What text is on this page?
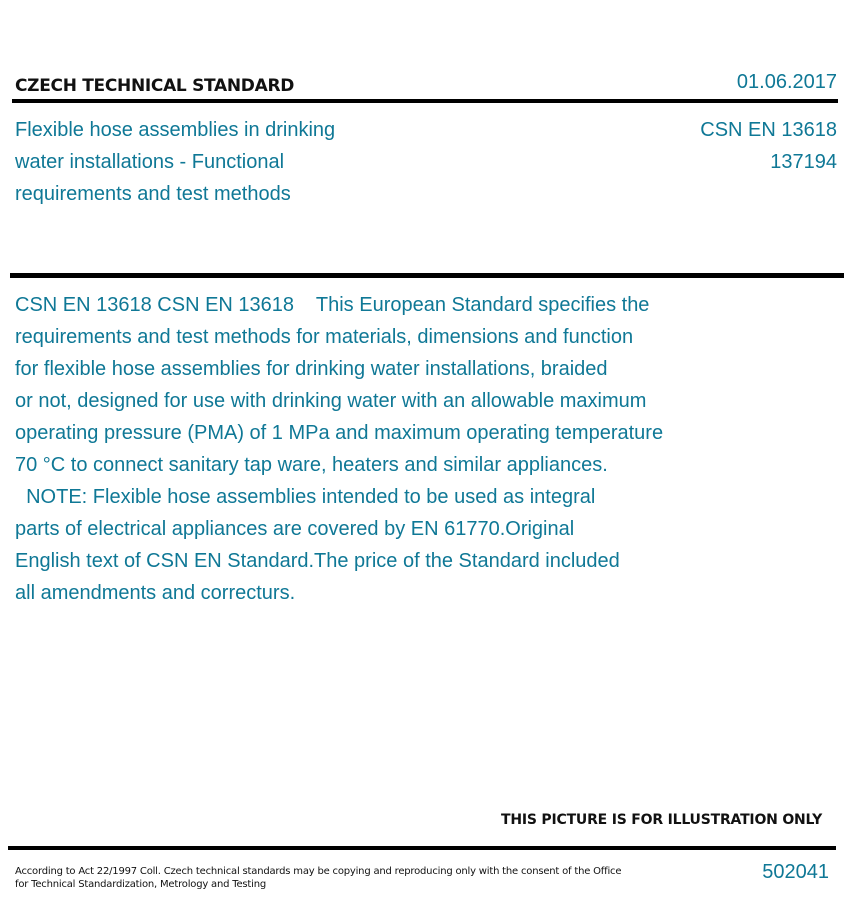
CZECH TECHNICAL STANDARD	01.06.2017
Flexible hose assemblies in drinking
water installations - Functional
requirements and test methods
CSN EN 13618
137194
CSN EN 13618 CSN EN 13618    This European Standard specifies the
requirements and test methods for materials, dimensions and function
for flexible hose assemblies for drinking water installations, braided
or not, designed for use with drinking water with an allowable maximum
operating pressure (PMA) of 1 MPa and maximum operating temperature
70 °C to connect sanitary tap ware, heaters and similar appliances.
NOTE: Flexible hose assemblies intended to be used as integral
parts of electrical appliances are covered by EN 61770.Original
English text of CSN EN Standard.The price of the Standard included
all amendments and correcturs.
THIS PICTURE IS FOR ILLUSTRATION ONLY
According to Act 22/1997 Coll. Czech technical standards may be copying and reproducing only with the consent of the Office
for Technical Standardization, Metrology and Testing
502041
